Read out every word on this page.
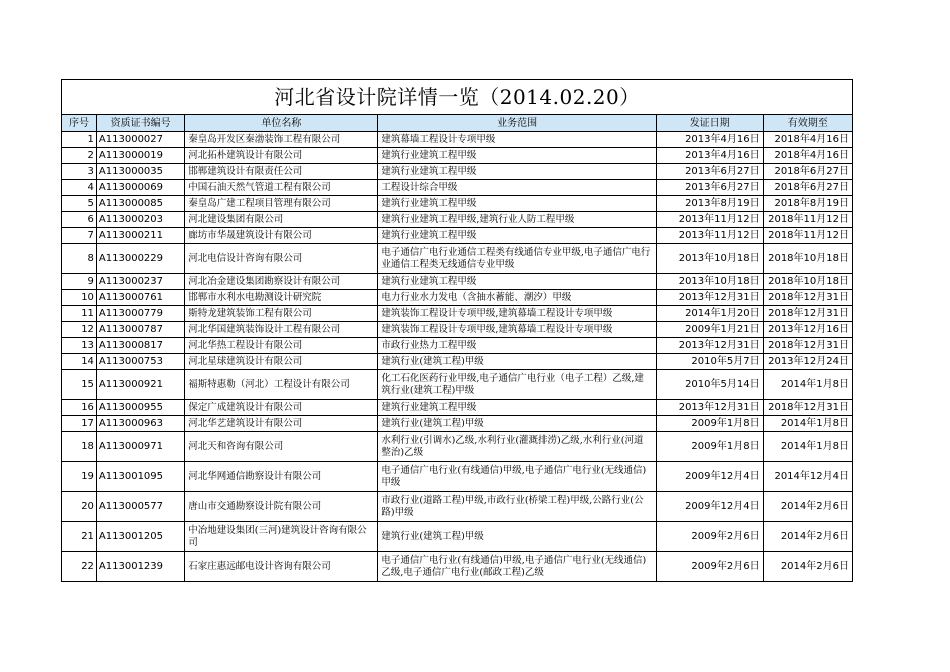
河北省设计院详情一览（2014.02.20）
序号	资质证书编号	单位名称	业务范围	发证日期	有效期至
1	A113000027	秦皇岛开发区秦渤装饰工程有限公司	建筑幕墙工程设计专项甲级	2013年4月16日	2018年4月16日
2	A113000019	河北拓朴建筑设计有限公司	建筑行业建筑工程甲级	2013年4月16日	2018年4月16日
3	A113000035	邯郸建筑设计有限责任公司	建筑行业建筑工程甲级	2013年6月27日	2018年6月27日
4	A113000069	中国石油天然气管道工程有限公司	工程设计综合甲级	2013年6月27日	2018年6月27日
5	A113000085	秦皇岛广建工程项目管理有限公司	建筑行业建筑工程甲级	2013年8月19日	2018年8月19日
6	A113000203	河北建设集团有限公司	建筑行业建筑工程甲级,建筑行业人防工程甲级	2013年11月12日	2018年11月12日
7	A113000211	廊坊市华晟建筑设计有限公司	建筑行业建筑工程甲级	2013年11月12日	2018年11月12日
8	A113000229	河北电信设计咨询有限公司	电子通信广电行业通信工程类有线通信专业甲级,电子通信广电行业通信工程类无线通信专业甲级	2013年10月18日	2018年10月18日
9	A113000237	河北冶金建设集团勘察设计有限公司	建筑行业建筑工程甲级	2013年10月18日	2018年10月18日
10	A113000761	邯郸市水利水电勘测设计研究院	电力行业水力发电（含抽水蓄能、潮汐）甲级	2013年12月31日	2018年12月31日
11	A113000779	斯特龙建筑装饰工程有限公司	建筑装饰工程设计专项甲级,建筑幕墙工程设计专项甲级	2014年1月20日	2018年12月31日
12	A113000787	河北华国建筑装饰设计工程有限公司	建筑装饰工程设计专项甲级,建筑幕墙工程设计专项甲级	2009年1月21日	2013年12月16日
13	A113000817	河北华热工程设计有限公司	市政行业热力工程甲级	2013年12月31日	2018年12月31日
14	A113000753	河北星球建筑设计有限公司	建筑行业(建筑工程)甲级	2010年5月7日	2013年12月24日
15	A113000921	福斯特惠勒（河北）工程设计有限公司	化工石化医药行业甲级,电子通信广电行业（电子工程）乙级,建筑行业(建筑工程)甲级	2010年5月14日	2014年1月8日
16	A113000955	保定广成建筑设计有限公司	建筑行业建筑工程甲级	2013年12月31日	2018年12月31日
17	A113000963	河北华艺建筑设计有限公司	建筑行业(建筑工程)甲级	2009年1月8日	2014年1月8日
18	A113000971	河北天和咨询有限公司	水利行业(引调水)乙级,水利行业(灌溉排涝)乙级,水利行业(河道整治)乙级	2009年1月8日	2014年1月8日
19	A113001095	河北华网通信勘察设计有限公司	电子通信广电行业(有线通信)甲级,电子通信广电行业(无线通信)甲级	2009年12月4日	2014年12月4日
20	A113000577	唐山市交通勘察设计院有限公司	市政行业(道路工程)甲级,市政行业(桥梁工程)甲级,公路行业(公路)甲级	2009年12月4日	2014年2月6日
21	A113001205	中冶地建设集团(三河)建筑设计咨询有限公司	建筑行业(建筑工程)甲级	2009年2月6日	2014年2月6日
22	A113001239	石家庄惠远邮电设计咨询有限公司	电子通信广电行业(有线通信)甲级,电子通信广电行业(无线通信)乙级,电子通信广电行业(邮政工程)乙级	2009年2月6日	2014年2月6日
